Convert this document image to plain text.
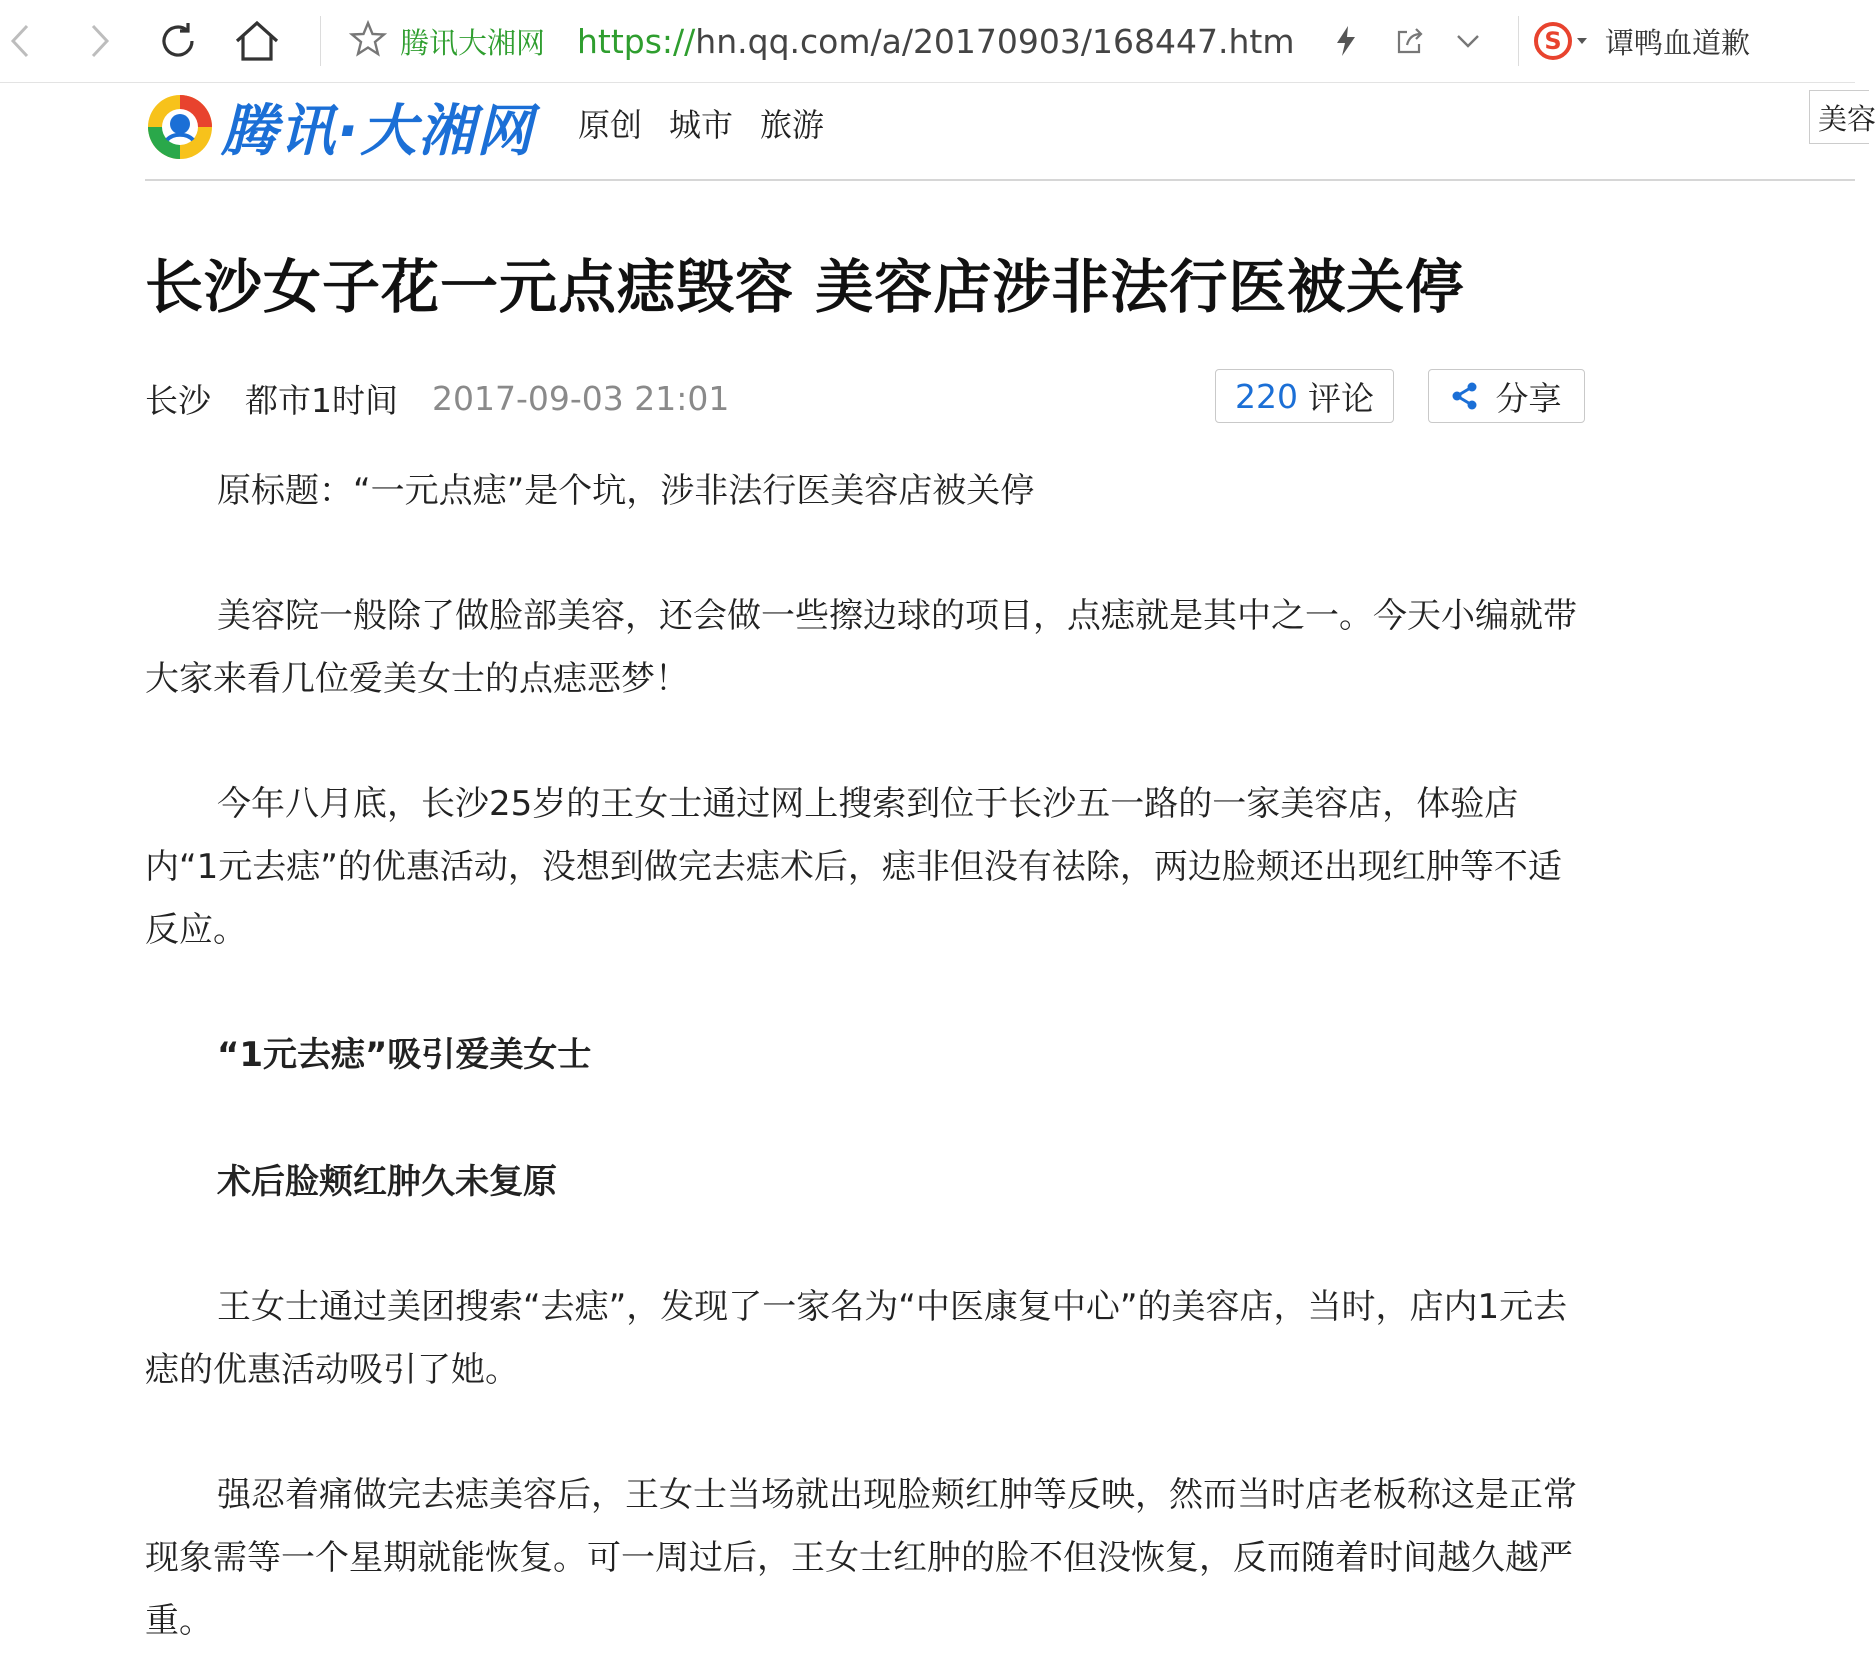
腾讯大湘网 https:// hn.qq.com/a/20170903/168447.htm	S 谭鸭血道歉
腾讯·大湘网 原创 城市 旅游	美容
长沙女子花一元点痣毁容 美容店涉非法行医被关停
长沙 都市1时间 2017-09-03 21:01	220 评论	分享

原标题：“一元点痣”是个坑，涉非法行医美容店被关停

美容院一般除了做脸部美容，还会做一些擦边球的项目，点痣就是其中之一。今天小编就带大家来看几位爱美女士的点痣恶梦！

今年八月底，长沙25岁的王女士通过网上搜索到位于长沙五一路的一家美容店，体验店内“1元去痣”的优惠活动，没想到做完去痣术后，痣非但没有祛除，两边脸颊还出现红肿等不适反应。

“1元去痣”吸引爱美女士

术后脸颊红肿久未复原

王女士通过美团搜索“去痣”，发现了一家名为“中医康复中心”的美容店，当时，店内1元去痣的优惠活动吸引了她。

强忍着痛做完去痣美容后，王女士当场就出现脸颊红肿等反映，然而当时店老板称这是正常现象需等一个星期就能恢复。可一周过后，王女士红肿的脸不但没恢复，反而随着时间越久越严重。
